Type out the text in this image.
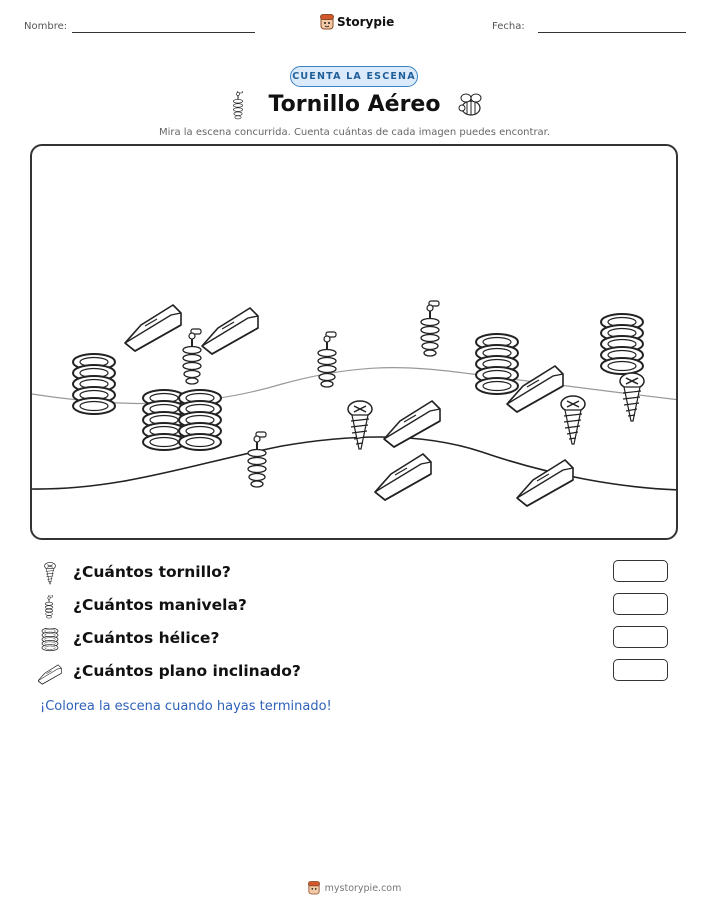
Nombre:	Storypie	Fecha:
CUENTA LA ESCENA
Tornillo Aéreo
Mira la escena concurrida. Cuenta cuántas de cada imagen puedes encontrar.
¿Cuántos tornillo?
¿Cuántos manivela?
¿Cuántos hélice?
¿Cuántos plano inclinado?
¡Colorea la escena cuando hayas terminado!
mystorypie.com
